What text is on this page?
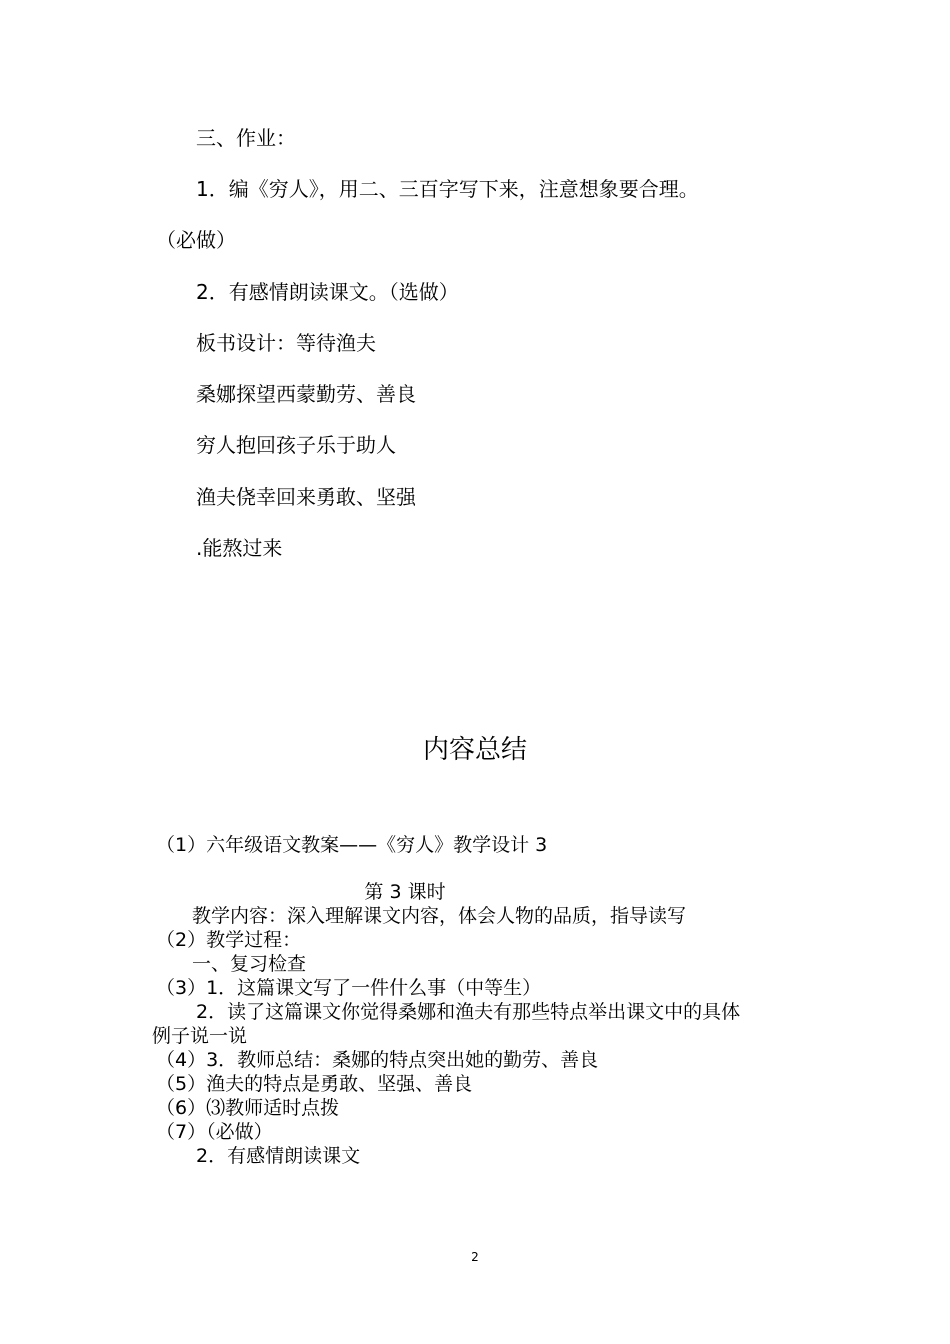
三、作业：
1．编《穷人》，用二、三百字写下来，注意想象要合理。
（必做）
2．有感情朗读课文。（选做）
板书设计：等待渔夫
桑娜探望西蒙勤劳、善良
穷人抱回孩子乐于助人
渔夫侥幸回来勇敢、坚强
.能熬过来
内容总结
（1）六年级语文教案——《穷人》教学设计 3
第 3 课时
教学内容：深入理解课文内容，体会人物的品质，指导读写
（2）教学过程：
一、复习检查
（3）1．这篇课文写了一件什么事（中等生）
2．读了这篇课文你觉得桑娜和渔夫有那些特点举出课文中的具体
例子说一说
（4）3．教师总结：桑娜的特点突出她的勤劳、善良
（5）渔夫的特点是勇敢、坚强、善良
（6）⑶教师适时点拨
（7）（必做）
2．有感情朗读课文
2
